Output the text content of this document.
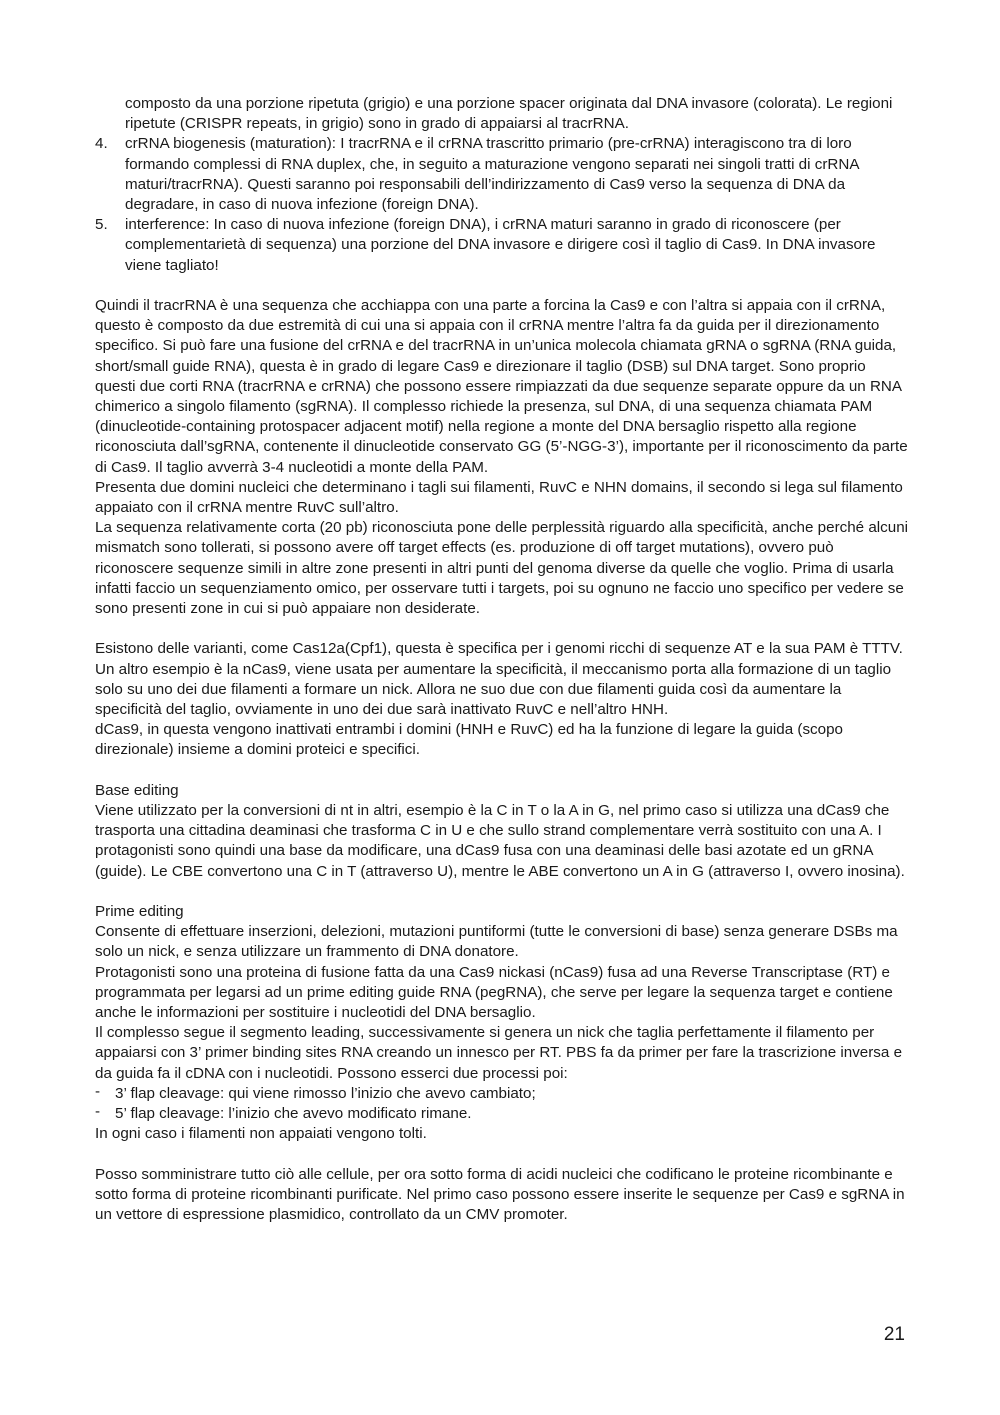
composto da una porzione ripetuta (grigio) e una porzione spacer originata dal DNA invasore (colorata). Le regioni ripetute (CRISPR repeats, in grigio) sono in grado di appaiarsi al tracrRNA.

4. crRNA biogenesis (maturation): I tracrRNA e il crRNA trascritto primario (pre-crRNA) interagiscono tra di loro formando complessi di RNA duplex, che, in seguito a maturazione vengono separati nei singoli tratti di crRNA maturi/tracrRNA). Questi saranno poi responsabili dell’indirizzamento di Cas9 verso la sequenza di DNA da degradare, in caso di nuova infezione (foreign DNA).

5. interference: In caso di nuova infezione (foreign DNA), i crRNA maturi saranno in grado di riconoscere (per complementarietà di sequenza) una porzione del DNA invasore e dirigere così il taglio di Cas9. In DNA invasore viene tagliato!

Quindi il tracrRNA è una sequenza che acchiappa con una parte a forcina la Cas9 e con l’altra si appaia con il crRNA, questo è composto da due estremità di cui una si appaia con il crRNA mentre l’altra fa da guida per il direzionamento specifico. Si può fare una fusione del crRNA e del tracrRNA in un’unica molecola chiamata gRNA o sgRNA (RNA guida, short/small guide RNA), questa è in grado di legare Cas9 e direzionare il taglio (DSB) sul DNA target. Sono proprio questi due corti RNA (tracrRNA e crRNA) che possono essere rimpiazzati da due sequenze separate oppure da un RNA chimerico a singolo filamento (sgRNA). Il complesso richiede la presenza, sul DNA, di una sequenza chiamata PAM (dinucleotide-containing protospacer adjacent motif) nella regione a monte del DNA bersaglio rispetto alla regione riconosciuta dall’sgRNA, contenente il dinucleotide conservato GG (5’-NGG-3’), importante per il riconoscimento da parte di Cas9. Il taglio avverrà 3-4 nucleotidi a monte della PAM.

Presenta due domini nucleici che determinano i tagli sui filamenti, RuvC e NHN domains, il secondo si lega sul filamento appaiato con il crRNA mentre RuvC sull’altro.

La sequenza relativamente corta (20 pb) riconosciuta pone delle perplessità riguardo alla specificità, anche perché alcuni mismatch sono tollerati, si possono avere off target effects (es. produzione di off target mutations), ovvero può riconoscere sequenze simili in altre zone presenti in altri punti del genoma diverse da quelle che voglio. Prima di usarla infatti faccio un sequenziamento omico, per osservare tutti i targets, poi su ognuno ne faccio uno specifico per vedere se sono presenti zone in cui si può appaiare non desiderate.

Esistono delle varianti, come Cas12a(Cpf1), questa è specifica per i genomi ricchi di sequenze AT e la sua PAM è TTTV.

Un altro esempio è la nCas9, viene usata per aumentare la specificità, il meccanismo porta alla formazione di un taglio solo su uno dei due filamenti a formare un nick. Allora ne suo due con due filamenti guida così da aumentare la specificità del taglio, ovviamente in uno dei due sarà inattivato RuvC e nell’altro HNH.

dCas9, in questa vengono inattivati entrambi i domini (HNH e RuvC) ed ha la funzione di legare la guida (scopo direzionale) insieme a domini proteici e specifici.

Base editing

Viene utilizzato per la conversioni di nt in altri, esempio è la C in T o la A in G, nel primo caso si utilizza una dCas9 che trasporta una cittadina deaminasi che trasforma C in U e che sullo strand complementare verrà sostituito con una A. I protagonisti sono quindi una base da modificare, una dCas9 fusa con una deaminasi delle basi azotate ed un gRNA (guide). Le CBE convertono una C in T (attraverso U), mentre le ABE convertono un A in G (attraverso I, ovvero inosina).

Prime editing

Consente di effettuare inserzioni, delezioni, mutazioni puntiformi (tutte le conversioni di base) senza generare DSBs ma solo un nick, e senza utilizzare un frammento di DNA donatore.

Protagonisti sono una proteina di fusione fatta da una Cas9 nickasi (nCas9) fusa ad una Reverse Transcriptase (RT) e programmata per legarsi ad un prime editing guide RNA (pegRNA), che serve per legare la sequenza target e contiene anche le informazioni per sostituire i nucleotidi del DNA bersaglio.

Il complesso segue il segmento leading, successivamente si genera un nick che taglia perfettamente il filamento per appaiarsi con 3’ primer binding sites RNA creando un innesco per RT. PBS fa da primer per fare la trascrizione inversa e da guida fa il cDNA con i nucleotidi. Possono esserci due processi poi:

- 3’ flap cleavage: qui viene rimosso l’inizio che avevo cambiato;

- 5’ flap cleavage: l’inizio che avevo modificato rimane.

In ogni caso i filamenti non appaiati vengono tolti.

Posso somministrare tutto ciò alle cellule, per ora sotto forma di acidi nucleici che codificano le proteine ricombinante e sotto forma di proteine ricombinanti purificate. Nel primo caso possono essere inserite le sequenze per Cas9 e sgRNA in un vettore di espressione plasmidico, controllato da un CMV promoter.

21
